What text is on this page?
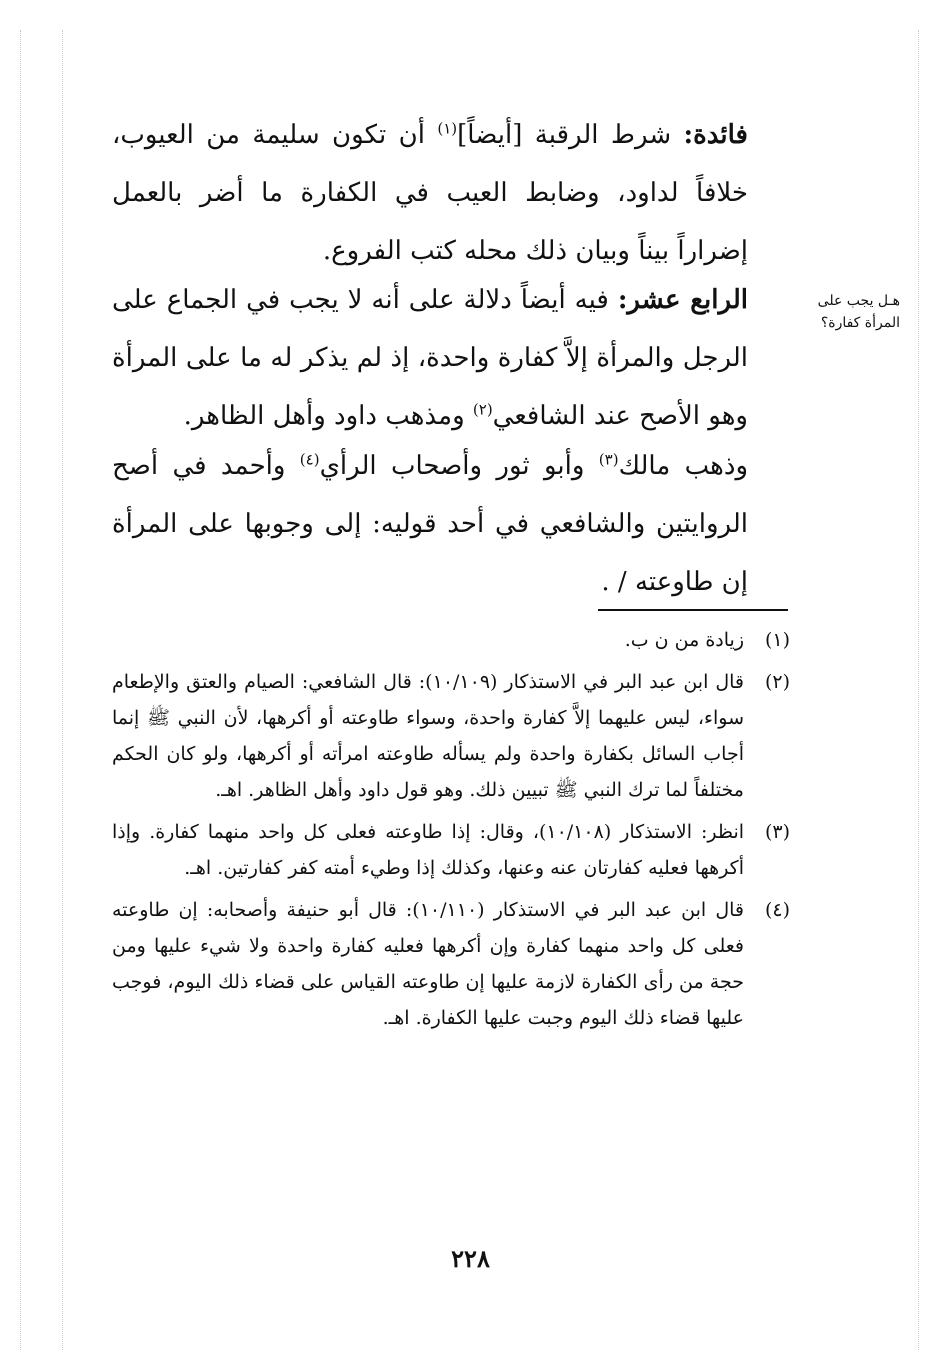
فائدة: شرط الرقبة [أيضاً]$^{(١)}$ أن تكون سليمة من العيوب، خلافاً لداود، وضابط العيب في الكفارة ما أضر بالعمل إضراراً بيناً وبيان ذلك محله كتب الفروع.

هـل يجب على المرأة كفارة؟

الرابع عشر: فيه أيضاً دلالة على أنه لا يجب في الجماع على الرجل والمرأة إلاَّ كفارة واحدة، إذ لم يذكر له ما على المرأة وهو الأصح عند الشافعي$^{(٢)}$ ومذهب داود وأهل الظاهر.

وذهب مالك$^{(٣)}$ وأبو ثور وأصحاب الرأي$^{(٤)}$ وأحمد في أصح الروايتين والشافعي في أحد قوليه: إلى وجوبها على المرأة إن طاوعته / .

(١)
زيادة من ن ب.
(٢)
قال ابن عبد البر في الاستذكار (١٠/١٠٩): قال الشافعي: الصيام والعتق والإطعام سواء، ليس عليهما إلاَّ كفارة واحدة، وسواء طاوعته أو أكرهها، لأن النبي ﷺ إنما أجاب السائل بكفارة واحدة ولم يسأله طاوعته امرأته أو أكرهها، ولو كان الحكم مختلفاً لما ترك النبي ﷺ تبيين ذلك. وهو قول داود وأهل الظاهر. اهـ.
(٣)
انظر: الاستذكار (١٠/١٠٨)، وقال: إذا طاوعته فعلى كل واحد منهما كفارة. وإذا أكرهها فعليه كفارتان عنه وعنها، وكذلك إذا وطيء أمته كفر كفارتين. اهـ.
(٤)
قال ابن عبد البر في الاستذكار (١٠/١١٠): قال أبو حنيفة وأصحابه: إن طاوعته فعلى كل واحد منهما كفارة وإن أكرهها فعليه كفارة واحدة ولا شيء عليها ومن حجة من رأى الكفارة لازمة عليها إن طاوعته القياس على قضاء ذلك اليوم، فوجب عليها قضاء ذلك اليوم وجبت عليها الكفارة. اهـ.
٢٢٨
